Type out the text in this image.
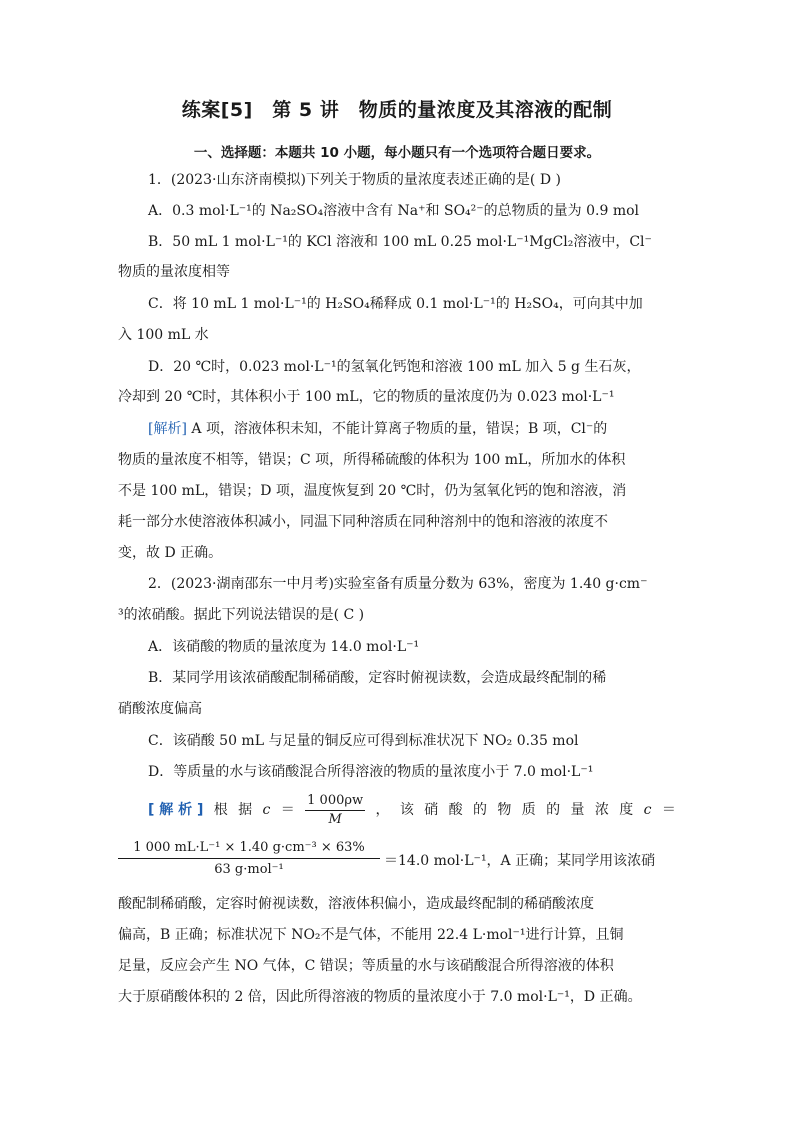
练案[5]　第 5 讲　物质的量浓度及其溶液的配制
一、选择题：本题共 10 小题，每小题只有一个选项符合题日要求。
1．(2023·山东济南模拟)下列关于物质的量浓度表述正确的是( D )
A．0.3 mol·L⁻¹的 Na₂SO₄溶液中含有 Na⁺和 SO₄²⁻的总物质的量为 0.9 mol
B．50 mL 1 mol·L⁻¹的 KCl 溶液和 100 mL 0.25 mol·L⁻¹MgCl₂溶液中，Cl⁻
物质的量浓度相等
C．将 10 mL 1 mol·L⁻¹的 H₂SO₄稀释成 0.1 mol·L⁻¹的 H₂SO₄，可向其中加
入 100 mL 水
D．20 ℃时，0.023 mol·L⁻¹的氢氧化钙饱和溶液 100 mL 加入 5 g 生石灰，
冷却到 20 ℃时，其体积小于 100 mL，它的物质的量浓度仍为 0.023 mol·L⁻¹
[解析] A 项，溶液体积未知，不能计算离子物质的量，错误；B 项，Cl⁻的
物质的量浓度不相等，错误；C 项，所得稀硫酸的体积为 100 mL，所加水的体积
不是 100 mL，错误；D 项，温度恢复到 20 ℃时，仍为氢氧化钙的饱和溶液，消
耗一部分水使溶液体积减小，同温下同种溶质在同种溶剂中的饱和溶液的浓度不
变，故 D 正确。
2．(2023·湖南邵东一中月考)实验室备有质量分数为 63%，密度为 1.40 g·cm⁻
³的浓硝酸。据此下列说法错误的是( C )
A．该硝酸的物质的量浓度为 14.0 mol·L⁻¹
B．某同学用该浓硝酸配制稀硝酸，定容时俯视读数，会造成最终配制的稀
硝酸浓度偏高
C．该硝酸 50 mL 与足量的铜反应可得到标准状况下 NO₂ 0.35 mol
D．等质量的水与该硝酸混合所得溶液的物质的量浓度小于 7.0 mol·L⁻¹
[ 解 析 ] 根 据 $c = \frac{1 000\rho w}{M}$ ， 该 硝 酸 的 物 质 的 量 浓 度 c ＝
1 000 mL·L⁻¹ × 1.40 g·cm⁻³ × 63%
63 g·mol⁻¹
＝14.0 mol·L⁻¹，A 正确；某同学用该浓硝
酸配制稀硝酸，定容时俯视读数，溶液体积偏小，造成最终配制的稀硝酸浓度
偏高，B 正确；标准状况下 NO₂不是气体，不能用 22.4 L·mol⁻¹进行计算，且铜
足量，反应会产生 NO 气体，C 错误；等质量的水与该硝酸混合所得溶液的体积
大于原硝酸体积的 2 倍，因此所得溶液的物质的量浓度小于 7.0 mol·L⁻¹，D 正确。
